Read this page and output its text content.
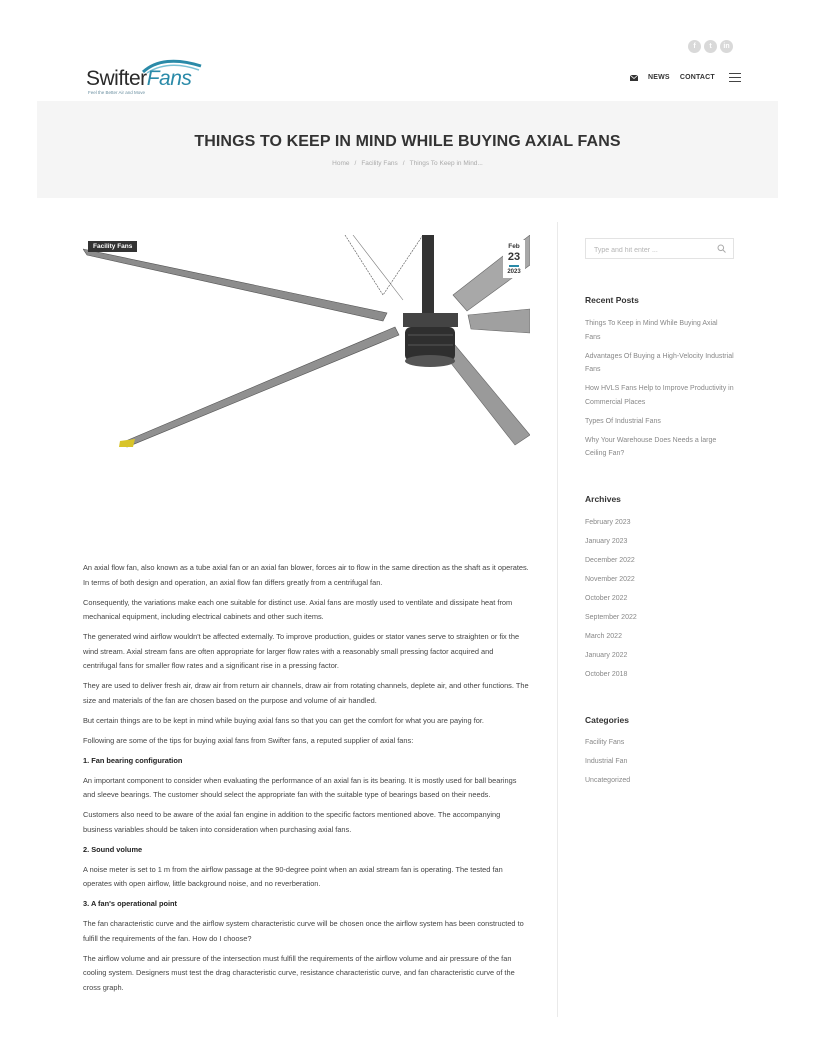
f	t	in
SwifterFans
Feel the Better Air and Move
NEWS CONTACT
THINGS TO KEEP IN MIND WHILE BUYING AXIAL FANS
Home / Facility Fans / Things To Keep in Mind...
Facility Fans	Feb
23
2023

An axial flow fan, also known as a tube axial fan or an axial fan blower, forces air to flow in the same direction as the shaft as it operates. In terms of both design and operation, an axial flow fan differs greatly from a centrifugal fan.

Consequently, the variations make each one suitable for distinct use. Axial fans are mostly used to ventilate and dissipate heat from mechanical equipment, including electrical cabinets and other such items.

The generated wind airflow wouldn't be affected externally. To improve production, guides or stator vanes serve to straighten or fix the wind stream. Axial stream fans are often appropriate for larger flow rates with a reasonably small pressing factor acquired and centrifugal fans for smaller flow rates and a significant rise in a pressing factor.

They are used to deliver fresh air, draw air from return air channels, draw air from rotating channels, deplete air, and other functions. The size and materials of the fan are chosen based on the purpose and volume of air handled.

But certain things are to be kept in mind while buying axial fans so that you can get the comfort for what you are paying for.

Following are some of the tips for buying axial fans from Swifter fans, a reputed supplier of axial fans:

1. Fan bearing configuration

An important component to consider when evaluating the performance of an axial fan is its bearing. It is mostly used for ball bearings and sleeve bearings. The customer should select the appropriate fan with the suitable type of bearings based on their needs.

Customers also need to be aware of the axial fan engine in addition to the specific factors mentioned above. The accompanying business variables should be taken into consideration when purchasing axial fans.

2. Sound volume

A noise meter is set to 1 m from the airflow passage at the 90-degree point when an axial stream fan is operating. The tested fan operates with open airflow, little background noise, and no reverberation.

3. A fan's operational point

The fan characteristic curve and the airflow system characteristic curve will be chosen once the airflow system has been constructed to fulfill the requirements of the fan. How do I choose?

The airflow volume and air pressure of the intersection must fulfill the requirements of the airflow volume and air pressure of the fan cooling system. Designers must test the drag characteristic curve, resistance characteristic curve, and fan characteristic curve of the cross graph.

Type and hit enter ...
Recent Posts
Things To Keep in Mind While Buying Axial Fans
Advantages Of Buying a High-Velocity Industrial Fans
How HVLS Fans Help to Improve Productivity in Commercial Places
Types Of Industrial Fans
Why Your Warehouse Does Needs a large Ceiling Fan?
Archives
February 2023
January 2023
December 2022
November 2022
October 2022
September 2022
March 2022
January 2022
October 2018
Categories
Facility Fans
Industrial Fan
Uncategorized
